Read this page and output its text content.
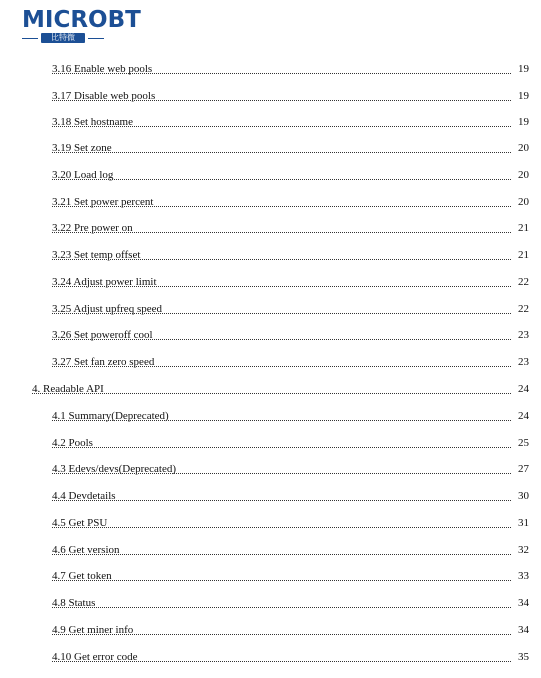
MICROBT
比特微
3.16 Enable web pools	19
3.17 Disable web pools	19
3.18 Set hostname	19
3.19 Set zone	20
3.20 Load log	20
3.21 Set power percent	20
3.22 Pre power on	21
3.23 Set temp offset	21
3.24 Adjust power limit	22
3.25 Adjust upfreq speed	22
3.26 Set poweroff cool	23
3.27 Set fan zero speed	23
4. Readable API	24
4.1 Summary(Deprecated)	24
4.2 Pools	25
4.3 Edevs/devs(Deprecated)	27
4.4 Devdetails	30
4.5 Get PSU	31
4.6 Get version	32
4.7 Get token	33
4.8 Status	34
4.9 Get miner info	34
4.10 Get error code	35
